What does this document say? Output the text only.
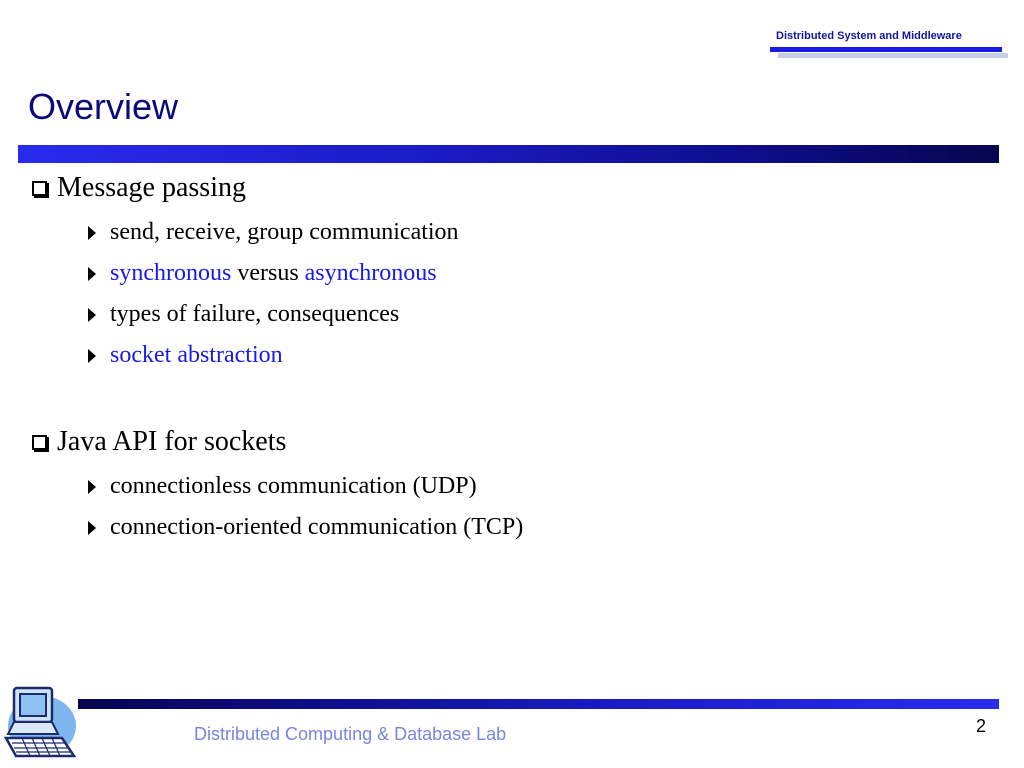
Distributed System and Middleware
Overview
Message passing
send, receive, group communication
synchronous versus asynchronous
types of failure, consequences
socket abstraction
Java API for sockets
connectionless communication (UDP)
connection-oriented communication (TCP)
Distributed Computing & Database Lab	2
